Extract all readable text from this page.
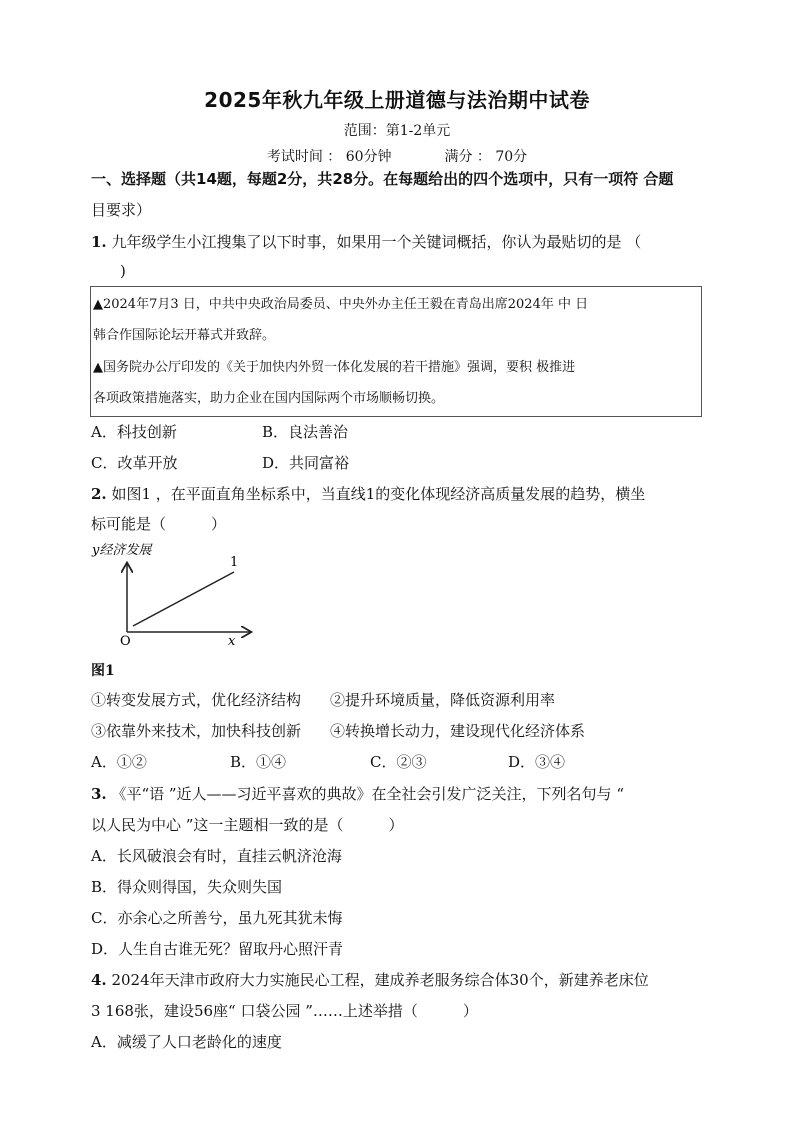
2025年秋九年级上册道德与法治期中试卷
范围：第1-2单元
考试时间 ： 60分钟	满分 ： 70分
一、选择题（共14题，每题2分，共28分。在每题给出的四个选项中，只有一项符 合题
目要求）
1. 九年级学生小江搜集了以下时事，如果用一个关键词概括，你认为最贴切的是 （
)
▲2024年7月3 日，中共中央政治局委员、中央外办主任王毅在青岛出席2024年 中 日
韩合作国际论坛开幕式并致辞。
▲国务院办公厅印发的《关于加快内外贸一体化发展的若干措施》强调，要积 极推进
各项政策措施落实，助力企业在国内国际两个市场顺畅切换。
A．科技创新	B．良法善治
C．改革开放	D．共同富裕
2. 如图1 ，在平面直角坐标系中，当直线1的变化体现经济高质量发展的趋势，横坐
标可能是（　　　）
y经济发展
1
O	x
图1
①转变发展方式，优化经济结构 ②提升环境质量，降低资源利用率
③依靠外来技术，加快科技创新 ④转换增长动力，建设现代化经济体系
A．①②	B．①④	C．②③	D．③④
3. 《平“语 ”近人——习近平喜欢的典故》在全社会引发广泛关注，下列名句与 “
以人民为中心 ”这一主题相一致的是（　　　）
A．长风破浪会有时，直挂云帆济沧海
B．得众则得国，失众则失国
C．亦余心之所善兮，虽九死其犹未悔
D．人生自古谁无死？留取丹心照汗青
4. 2024年天津市政府大力实施民心工程，建成养老服务综合体30个，新建养老床位
3 168张，建设56座“ 口袋公园 ”……上述举措（　　　）
A．减缓了人口老龄化的速度
